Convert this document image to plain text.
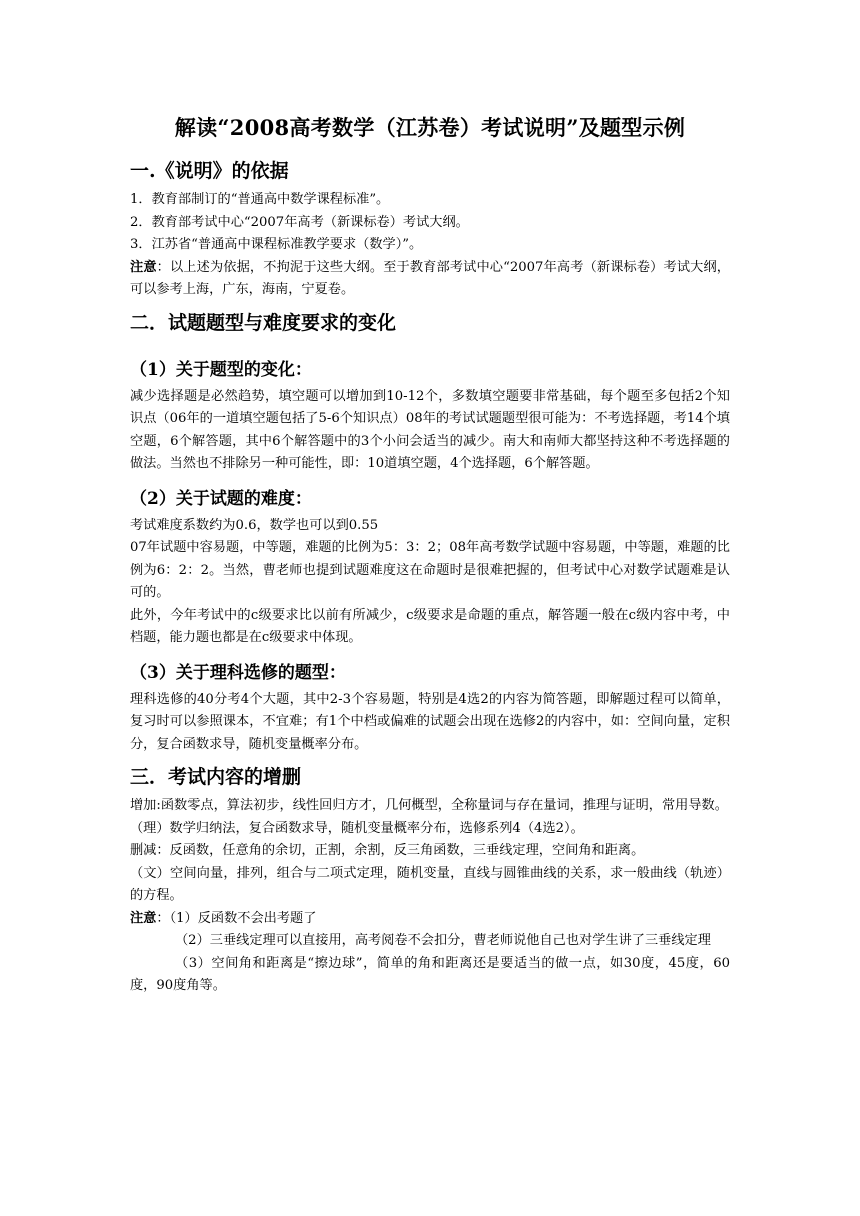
解读“2008高考数学（江苏卷）考试说明”及题型示例
一.《说明》的依据

1．教育部制订的“普通高中数学课程标准”。

2．教育部考试中心“2007年高考（新课标卷）考试大纲。

3．江苏省“普通高中课程标准教学要求（数学）”。

注意：以上述为依据，不拘泥于这些大纲。至于教育部考试中心“2007年高考（新课标卷）考试大纲，可以参考上海，广东，海南，宁夏卷。

二．试题题型与难度要求的变化
（1）关于题型的变化：

减少选择题是必然趋势，填空题可以增加到10-12个，多数填空题要非常基础，每个题至多包括2个知识点（06年的一道填空题包括了5-6个知识点）08年的考试试题题型很可能为：不考选择题，考14个填空题，6个解答题，其中6个解答题中的3个小问会适当的减少。南大和南师大都坚持这种不考选择题的做法。当然也不排除另一种可能性，即：10道填空题，4个选择题，6个解答题。

（2）关于试题的难度：

考试难度系数约为0.6，数学也可以到0.55

07年试题中容易题，中等题，难题的比例为5：3：2；08年高考数学试题中容易题，中等题，难题的比例为6：2：2。当然，曹老师也提到试题难度这在命题时是很难把握的，但考试中心对数学试题难是认可的。

此外，今年考试中的c级要求比以前有所减少，c级要求是命题的重点，解答题一般在c级内容中考，中档题，能力题也都是在c级要求中体现。

（3）关于理科选修的题型：

理科选修的40分考4个大题，其中2-3个容易题，特别是4选2的内容为简答题，即解题过程可以简单，复习时可以参照课本，不宜难；有1个中档或偏难的试题会出现在选修2的内容中，如：空间向量，定积分，复合函数求导，随机变量概率分布。

三．考试内容的增删

增加:函数零点，算法初步，线性回归方才，几何概型，全称量词与存在量词，推理与证明，常用导数。

（理）数学归纳法，复合函数求导，随机变量概率分布，选修系列4（4选2）。

删减：反函数，任意角的余切，正割，余割，反三角函数，三垂线定理，空间角和距离。

（文）空间向量，排列，组合与二项式定理，随机变量，直线与圆锥曲线的关系，求一般曲线（轨迹）的方程。

注意：（1）反函数不会出考题了

（2）三垂线定理可以直接用，高考阅卷不会扣分，曹老师说他自己也对学生讲了三垂线定理

（3）空间角和距离是“擦边球”，简单的角和距离还是要适当的做一点，如30度，45度，60度，90度角等。
